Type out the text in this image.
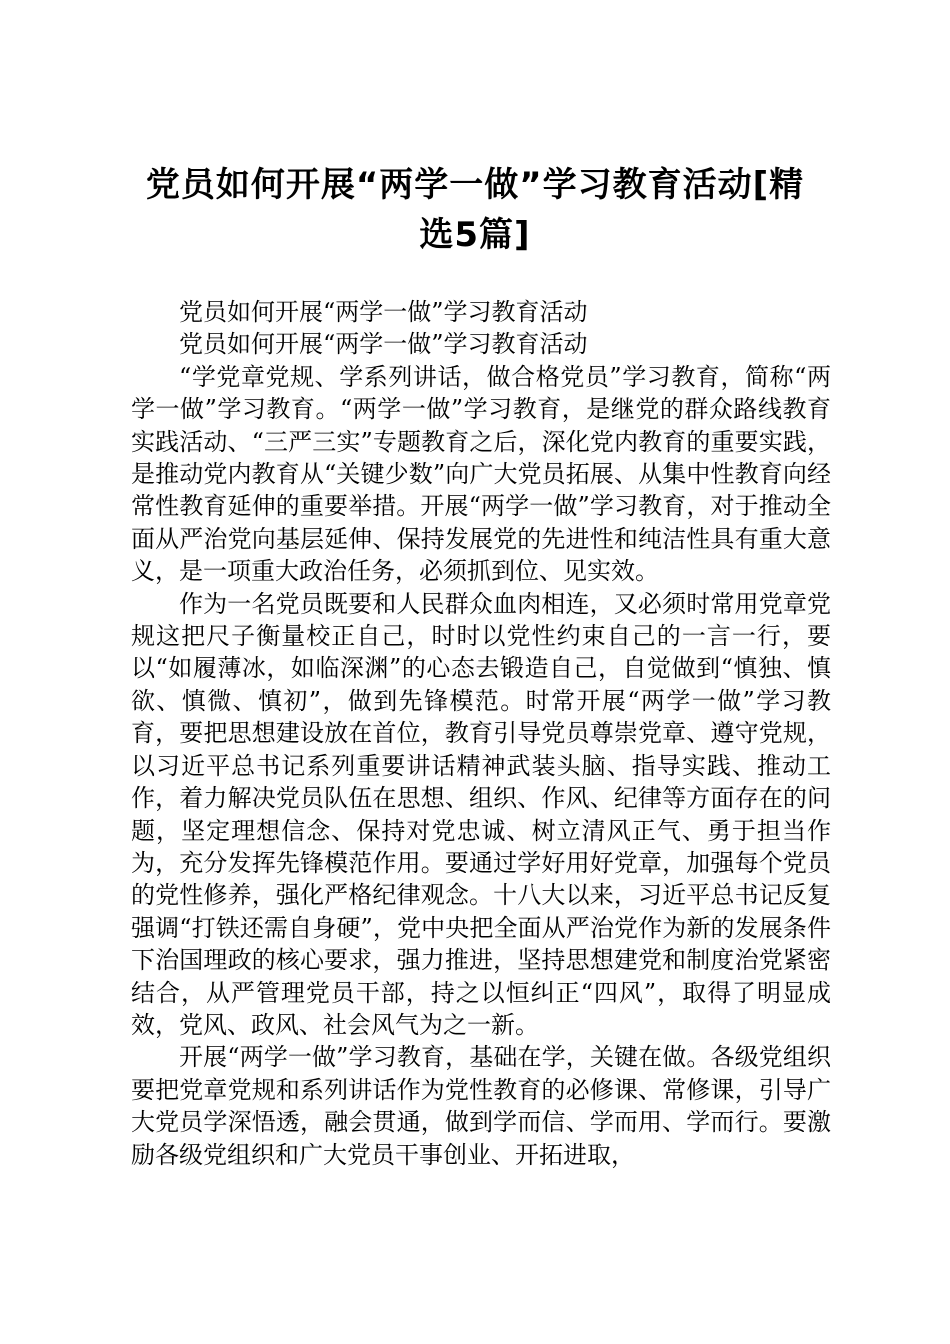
党员如何开展“两学一做”学习教育活动[精
选5篇]

党员如何开展“两学一做”学习教育活动

党员如何开展“两学一做”学习教育活动

“学党章党规、学系列讲话，做合格党员”学习教育，简称“两学一做”学习教育。“两学一做”学习教育，是继党的群众路线教育实践活动、“三严三实”专题教育之后，深化党内教育的重要实践，是推动党内教育从“关键少数”向广大党员拓展、从集中性教育向经常性教育延伸的重要举措。开展“两学一做”学习教育，对于推动全面从严治党向基层延伸、保持发展党的先进性和纯洁性具有重大意义，是一项重大政治任务，必须抓到位、见实效。

作为一名党员既要和人民群众血肉相连，又必须时常用党章党规这把尺子衡量校正自己，时时以党性约束自己的一言一行，要以“如履薄冰，如临深渊”的心态去锻造自己，自觉做到“慎独、慎欲、慎微、慎初”，做到先锋模范。时常开展“两学一做”学习教育，要把思想建设放在首位，教育引导党员尊崇党章、遵守党规，以习近平总书记系列重要讲话精神武装头脑、指导实践、推动工作，着力解决党员队伍在思想、组织、作风、纪律等方面存在的问题，坚定理想信念、保持对党忠诚、树立清风正气、勇于担当作为，充分发挥先锋模范作用。要通过学好用好党章，加强每个党员的党性修养，强化严格纪律观念。十八大以来，习近平总书记反复强调“打铁还需自身硬”，党中央把全面从严治党作为新的发展条件下治国理政的核心要求，强力推进，坚持思想建党和制度治党紧密结合，从严管理党员干部，持之以恒纠正“四风”，取得了明显成效，党风、政风、社会风气为之一新。

开展“两学一做”学习教育，基础在学，关键在做。各级党组织要把党章党规和系列讲话作为党性教育的必修课、常修课，引导广大党员学深悟透，融会贯通，做到学而信、学而用、学而行。要激励各级党组织和广大党员干事创业、开拓进取，
